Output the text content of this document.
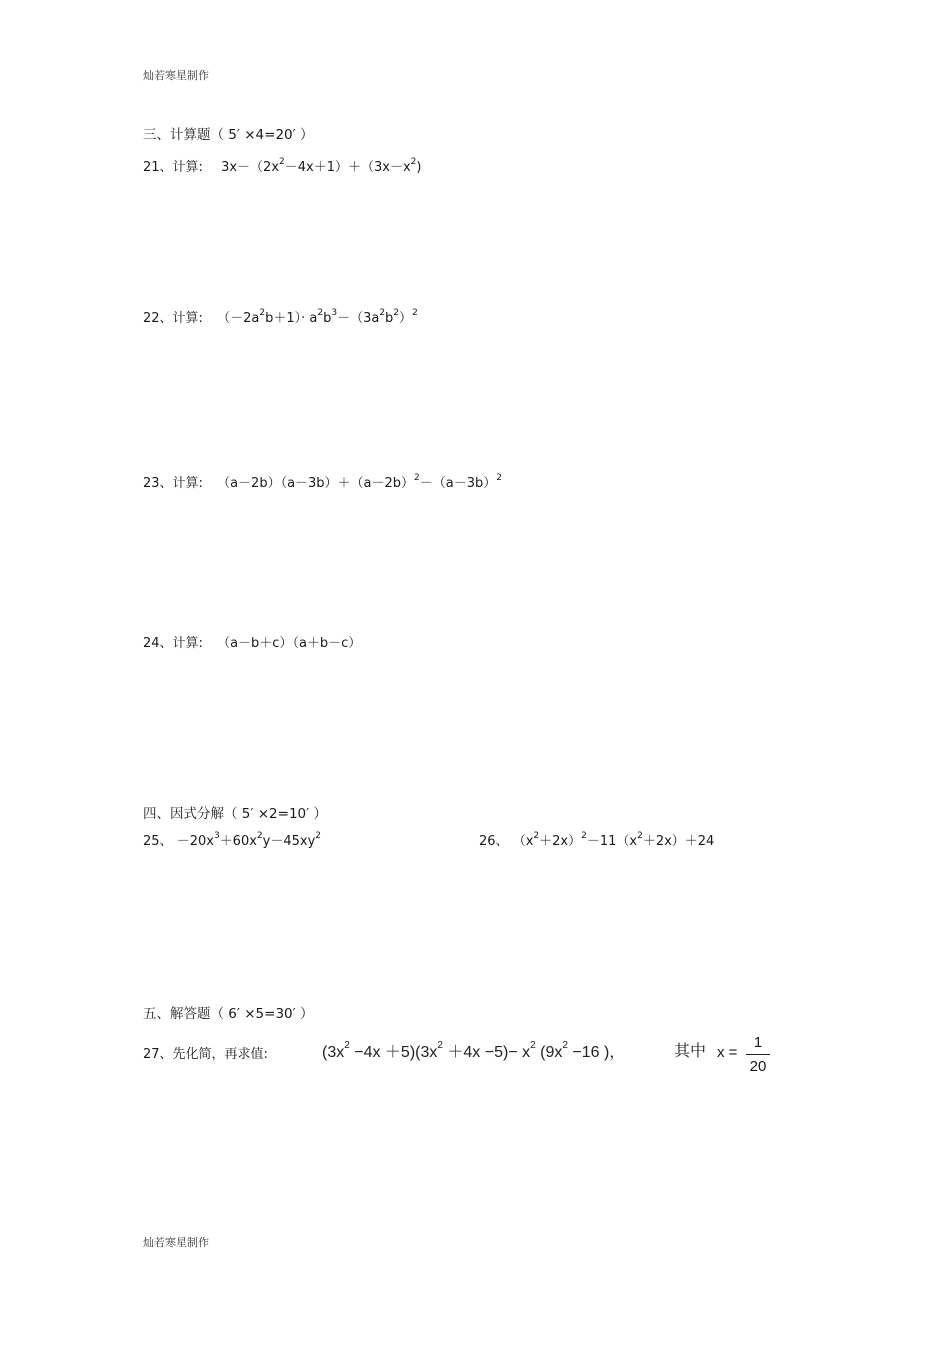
灿若寒星制作
三、计算题（ 5′ ×4=20′ ）
21、计算: $3x-(2x^2-4x+1)+(3x-x^2)$
22、计算: $(-2a^2b+1)\cdot a^2b^3-(3a^2b^2)^2$
23、计算: $(a-2b)(a-3b)+(a-2b)^2-(a-3b)^2$
24、计算: （a－b＋c）（a＋b－c）
四、因式分解（ 5′ ×2=10′ ）
25、 $-20x^3+60x^2y-45xy^2$	26、 $(x^2+2x)^2-11(x^2+2x)+24$
五、解答题（ 6′ ×5=30′ ）
27、先化简，再求值:	$(3x^2 -4x +5)(3x^2 +4x -5)- x^2$ ($9x^2 -16$ )，	其中 x =
1
20
灿若寒星制作
